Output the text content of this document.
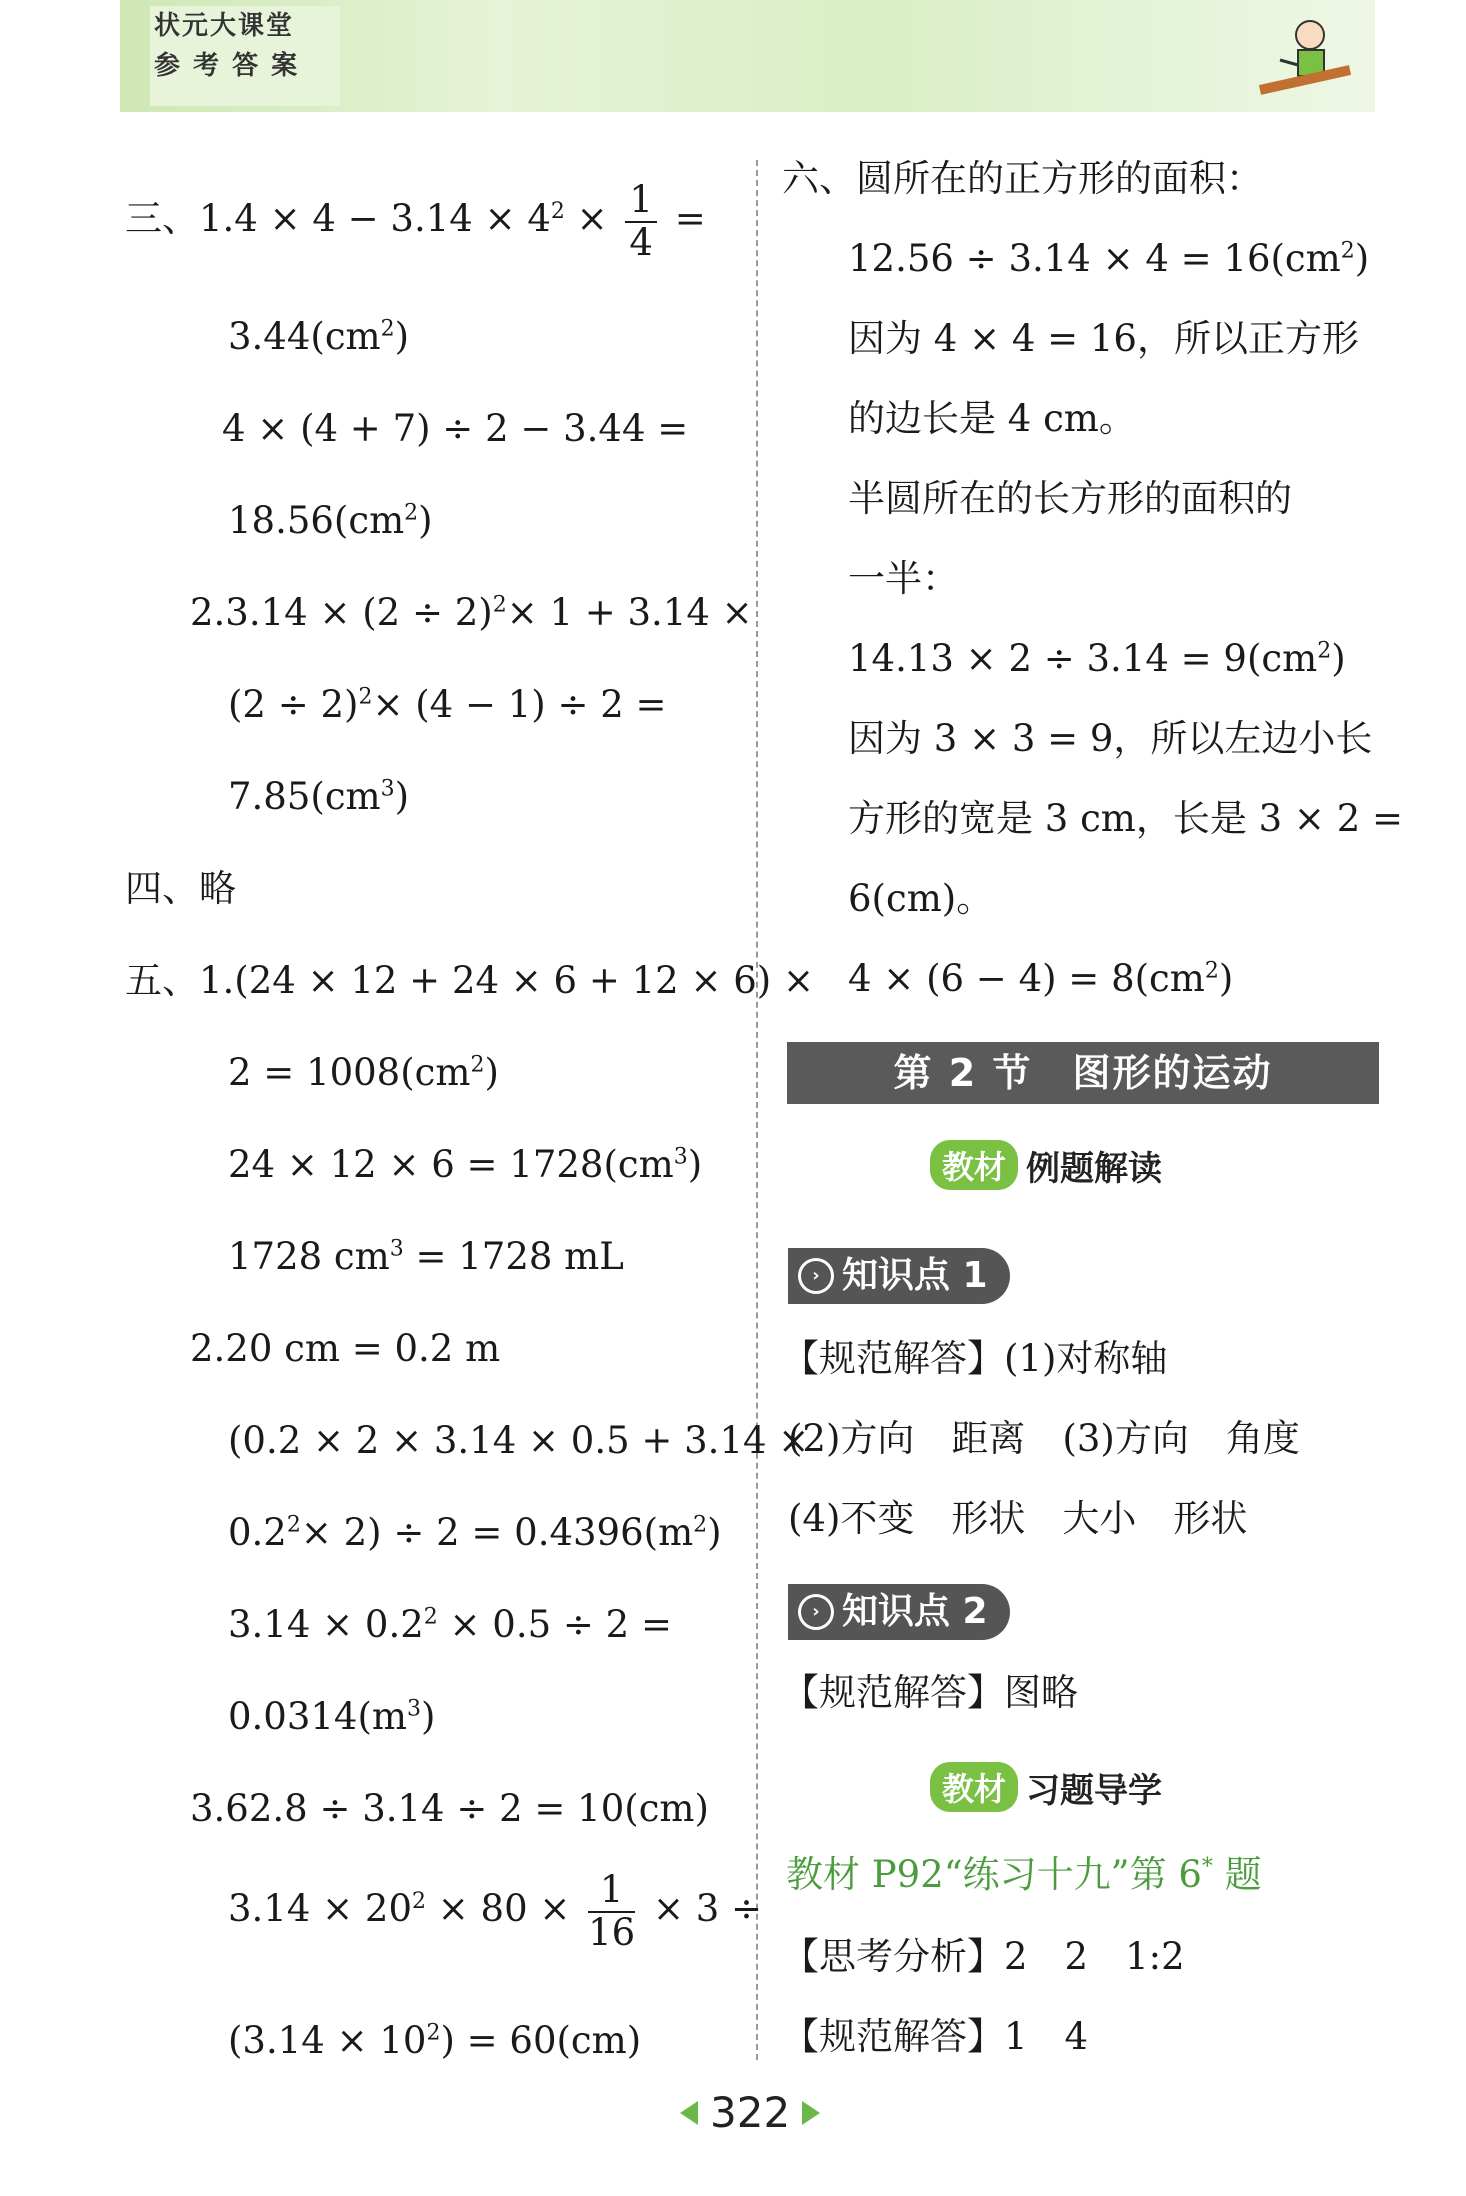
状元大课堂
参 考 答 案
三、$1.4 \times 4 - 3.14 \times 4^2 \times \frac{1}{4}$ =
$3.44(cm^2)$
4 × (4 + 7) ÷ 2 − 3.44 =
$18.56(cm^2)$
$2.3.14 \times (2 \div 2)^2\times 1 + 3.14$ ×
$(2 \div 2)^2\times (4 - 1) \div 2$ =
$7.85(cm^3)$
四、略
五、1.(24 × 12 + 24 × 6 + 12 × 6) ×
$2 = 1008(cm^2)$
$24 \times 12 \times 6 = 1728(cm^3)$
1728 $cm^3 = 1728$ mL
2.20 cm = 0.2 m
(0.2 × 2 × 3.14 × 0.5 + 3.14 ×
$0.2^2\times 2) \div 2 = 0.4396(m^2)$
$3.14 \times 0.2^2 \times 0.5 \div 2$ =
$0.0314(m^3)$
3.62.8 ÷ 3.14 ÷ 2 = 10(cm)
$3.14 \times 20^2 \times 80 \times \frac{1}{16} \times 3$ ÷
$(3.14 \times 10^2) = 60(cm)$
六、圆所在的正方形的面积：
$12.56 \div 3.14 \times 4 = 16(cm^2)$
因为 4 × 4 = 16，所以正方形
的边长是 4 cm。
半圆所在的长方形的面积的
一半：
$14.13 \times 2 \div 3.14 = 9(cm^2)$
因为 3 × 3 = 9，所以左边小长
方形的宽是 3 cm，长是 3 × 2 =
6(cm)。
$4 \times (6 - 4) = 8(cm^2)$
第 2 节　图形的运动
教材 例题解读
› 知识点 1
【规范解答】(1)对称轴
(2)方向　距离　(3)方向　角度
(4)不变　形状　大小　形状
› 知识点 2
【规范解答】图略
教材 习题导学
教材 P92“练习十九”第 6* 题
【思考分析】2　2　1:2
【规范解答】1　4
322
